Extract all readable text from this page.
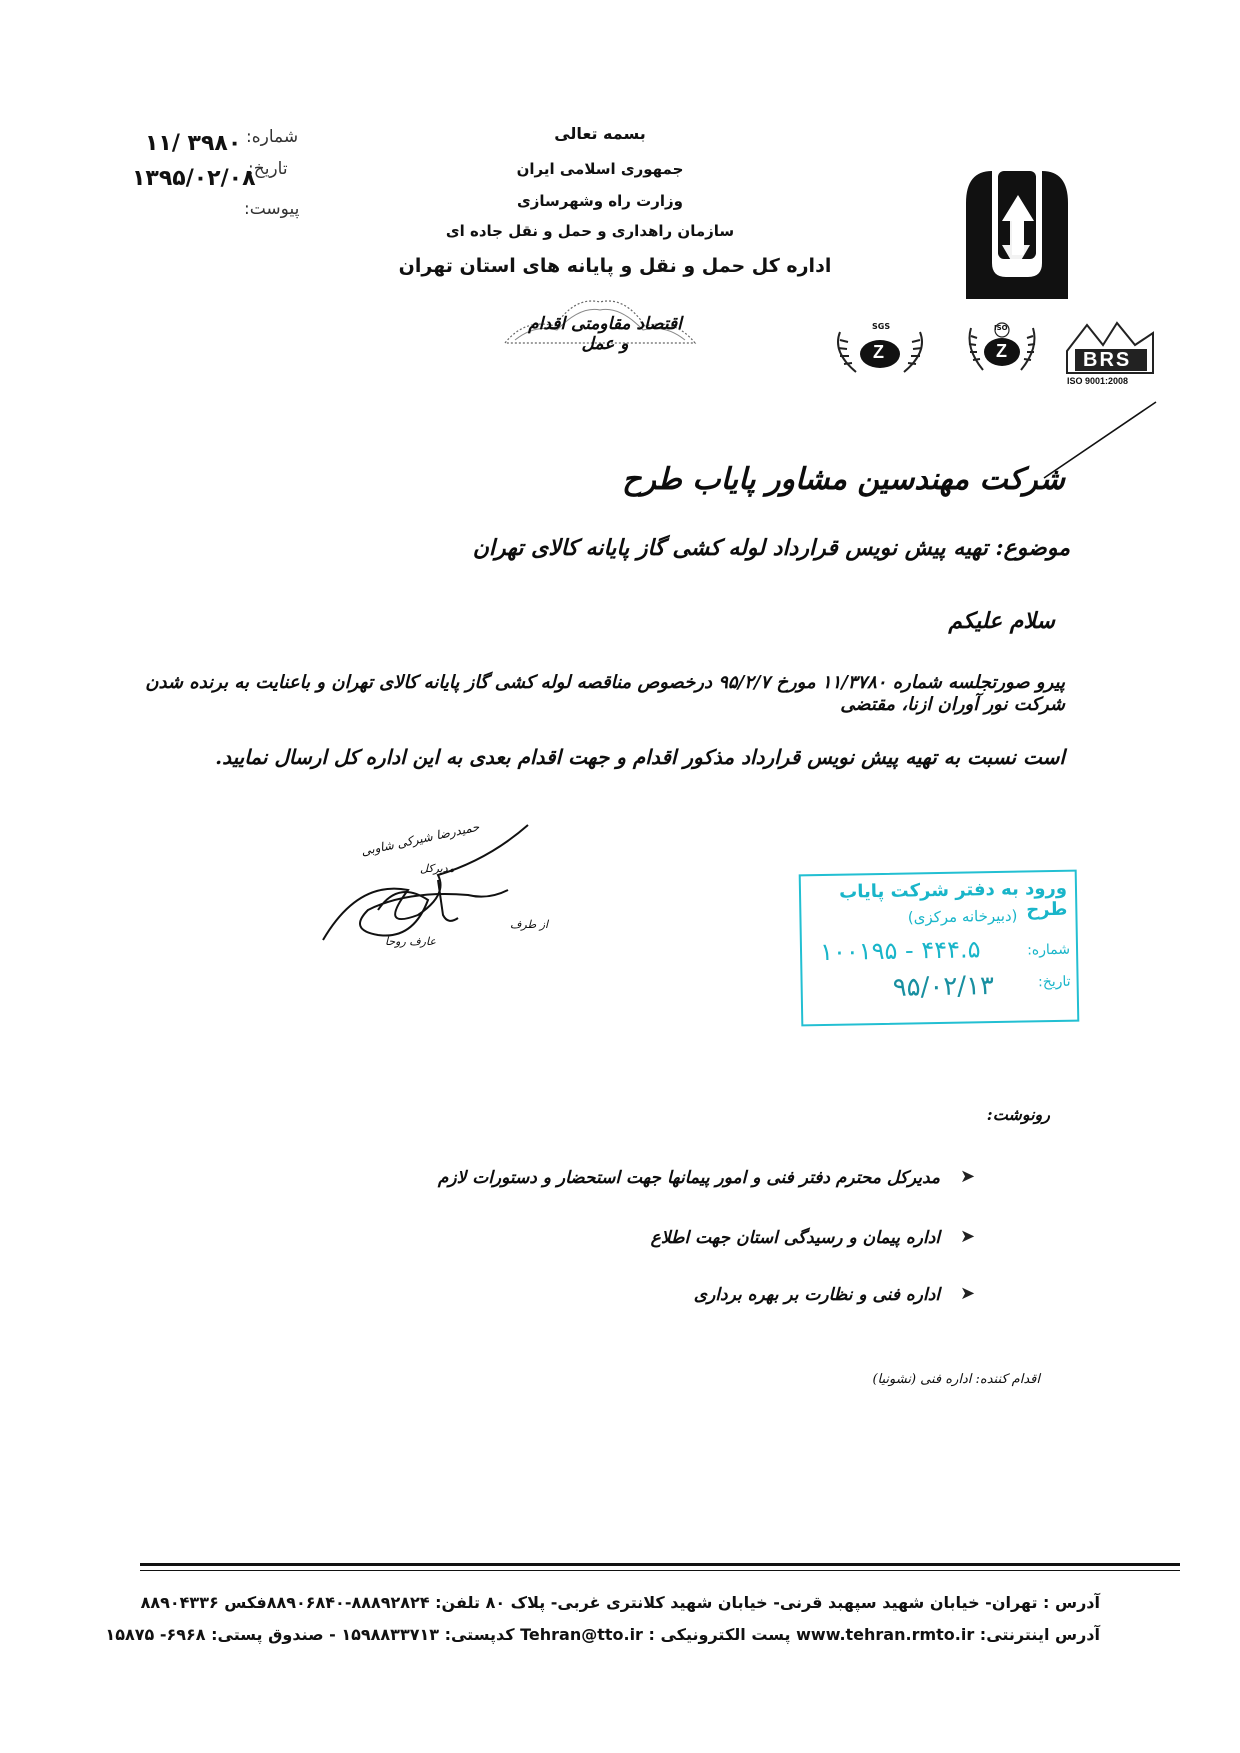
شماره:
۱۱/ ۳۹۸۰
تاریخ:
۱۳۹۵/۰۲/۰۸
پیوست:
بسمه تعالی
جمهوری اسلامی ایران
وزارت راه وشهرسازی
سازمان راهداری و حمل و نقل جاده ای
اداره کل حمل و نقل و پایانه های استان تهران
اقتصاد مقاومتی اقدام و عمل
BRS
ISO 9001:2008
ISO
Z
SGS
Z
شرکت مهندسین مشاور پایاب طرح
موضوع: تهیه پیش نویس قرارداد لوله کشی گاز پایانه کالای تهران
سلام علیکم
پیرو صورتجلسه شماره ۱۱/۳۷۸۰ مورخ ۹۵/۲/۷ درخصوص مناقصه لوله کشی گاز پایانه کالای تهران و باعنایت به برنده شدن شرکت نور آوران ازنا، مقتضی
است نسبت به تهیه پیش نویس قرارداد مذکور اقدام و جهت اقدام بعدی به این اداره کل ارسال نمایید.
حمیدرضا شیرکی شاوبی
مدیرکل
از طرف
عارف روحا
ورود به دفتر شرکت پایاب طرح
(دبیرخانه مرکزی)
شماره:
۱۰۰۱۹۵ - ۴۴۴.۵
تاریخ:
۹۵/۰۲/۱۳
رونوشت:
➤
مدیرکل محترم دفتر فنی و امور پیمانها جهت استحضار و دستورات لازم
➤
اداره پیمان و رسیدگی استان جهت اطلاع
➤
اداره فنی و نظارت بر بهره برداری
اقدام کننده: اداره فنی (نشونیا)
آدرس : تهران- خیابان شهید سپهبد قرنی- خیابان شهید کلانتری غربی- پلاک ۸۰ تلفن: ۸۸۸۹۲۸۲۴-۸۸۹۰۶۸۴۰فکس ۸۸۹۰۴۳۳۶
آدرس اینترنتی: www.tehran.rmto.ir پست الکترونیکی : Tehran@tto.ir کدپستی: ۱۵۹۸۸۳۳۷۱۳ - صندوق پستی: ۶۹۶۸- ۱۵۸۷۵
